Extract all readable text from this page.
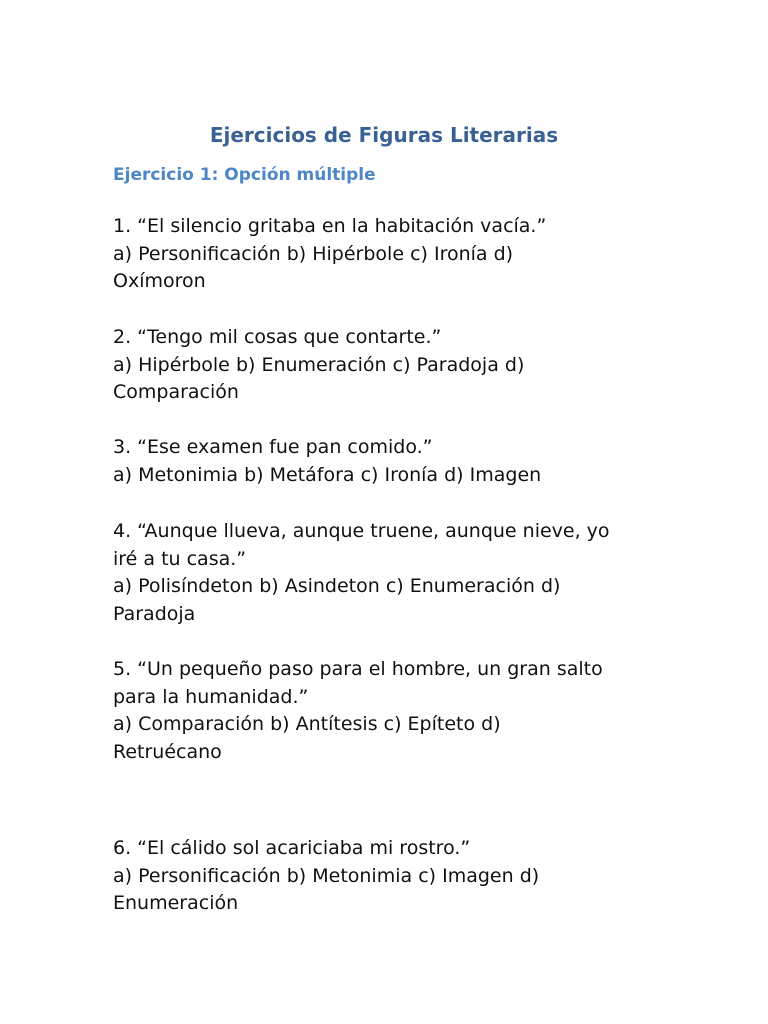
Ejercicios de Figuras Literarias
Ejercicio 1: Opción múltiple
1. “El silencio gritaba en la habitación vacía.”
a) Personificación b) Hipérbole c) Ironía d)
Oxímoron
2. “Tengo mil cosas que contarte.”
a) Hipérbole b) Enumeración c) Paradoja d)
Comparación
3. “Ese examen fue pan comido.”
a) Metonimia b) Metáfora c) Ironía d) Imagen
4. “Aunque llueva, aunque truene, aunque nieve, yo
iré a tu casa.”
a) Polisíndeton b) Asindeton c) Enumeración d)
Paradoja
5. “Un pequeño paso para el hombre, un gran salto
para la humanidad.”
a) Comparación b) Antítesis c) Epíteto d)
Retruécano
6. “El cálido sol acariciaba mi rostro.”
a) Personificación b) Metonimia c) Imagen d)
Enumeración
